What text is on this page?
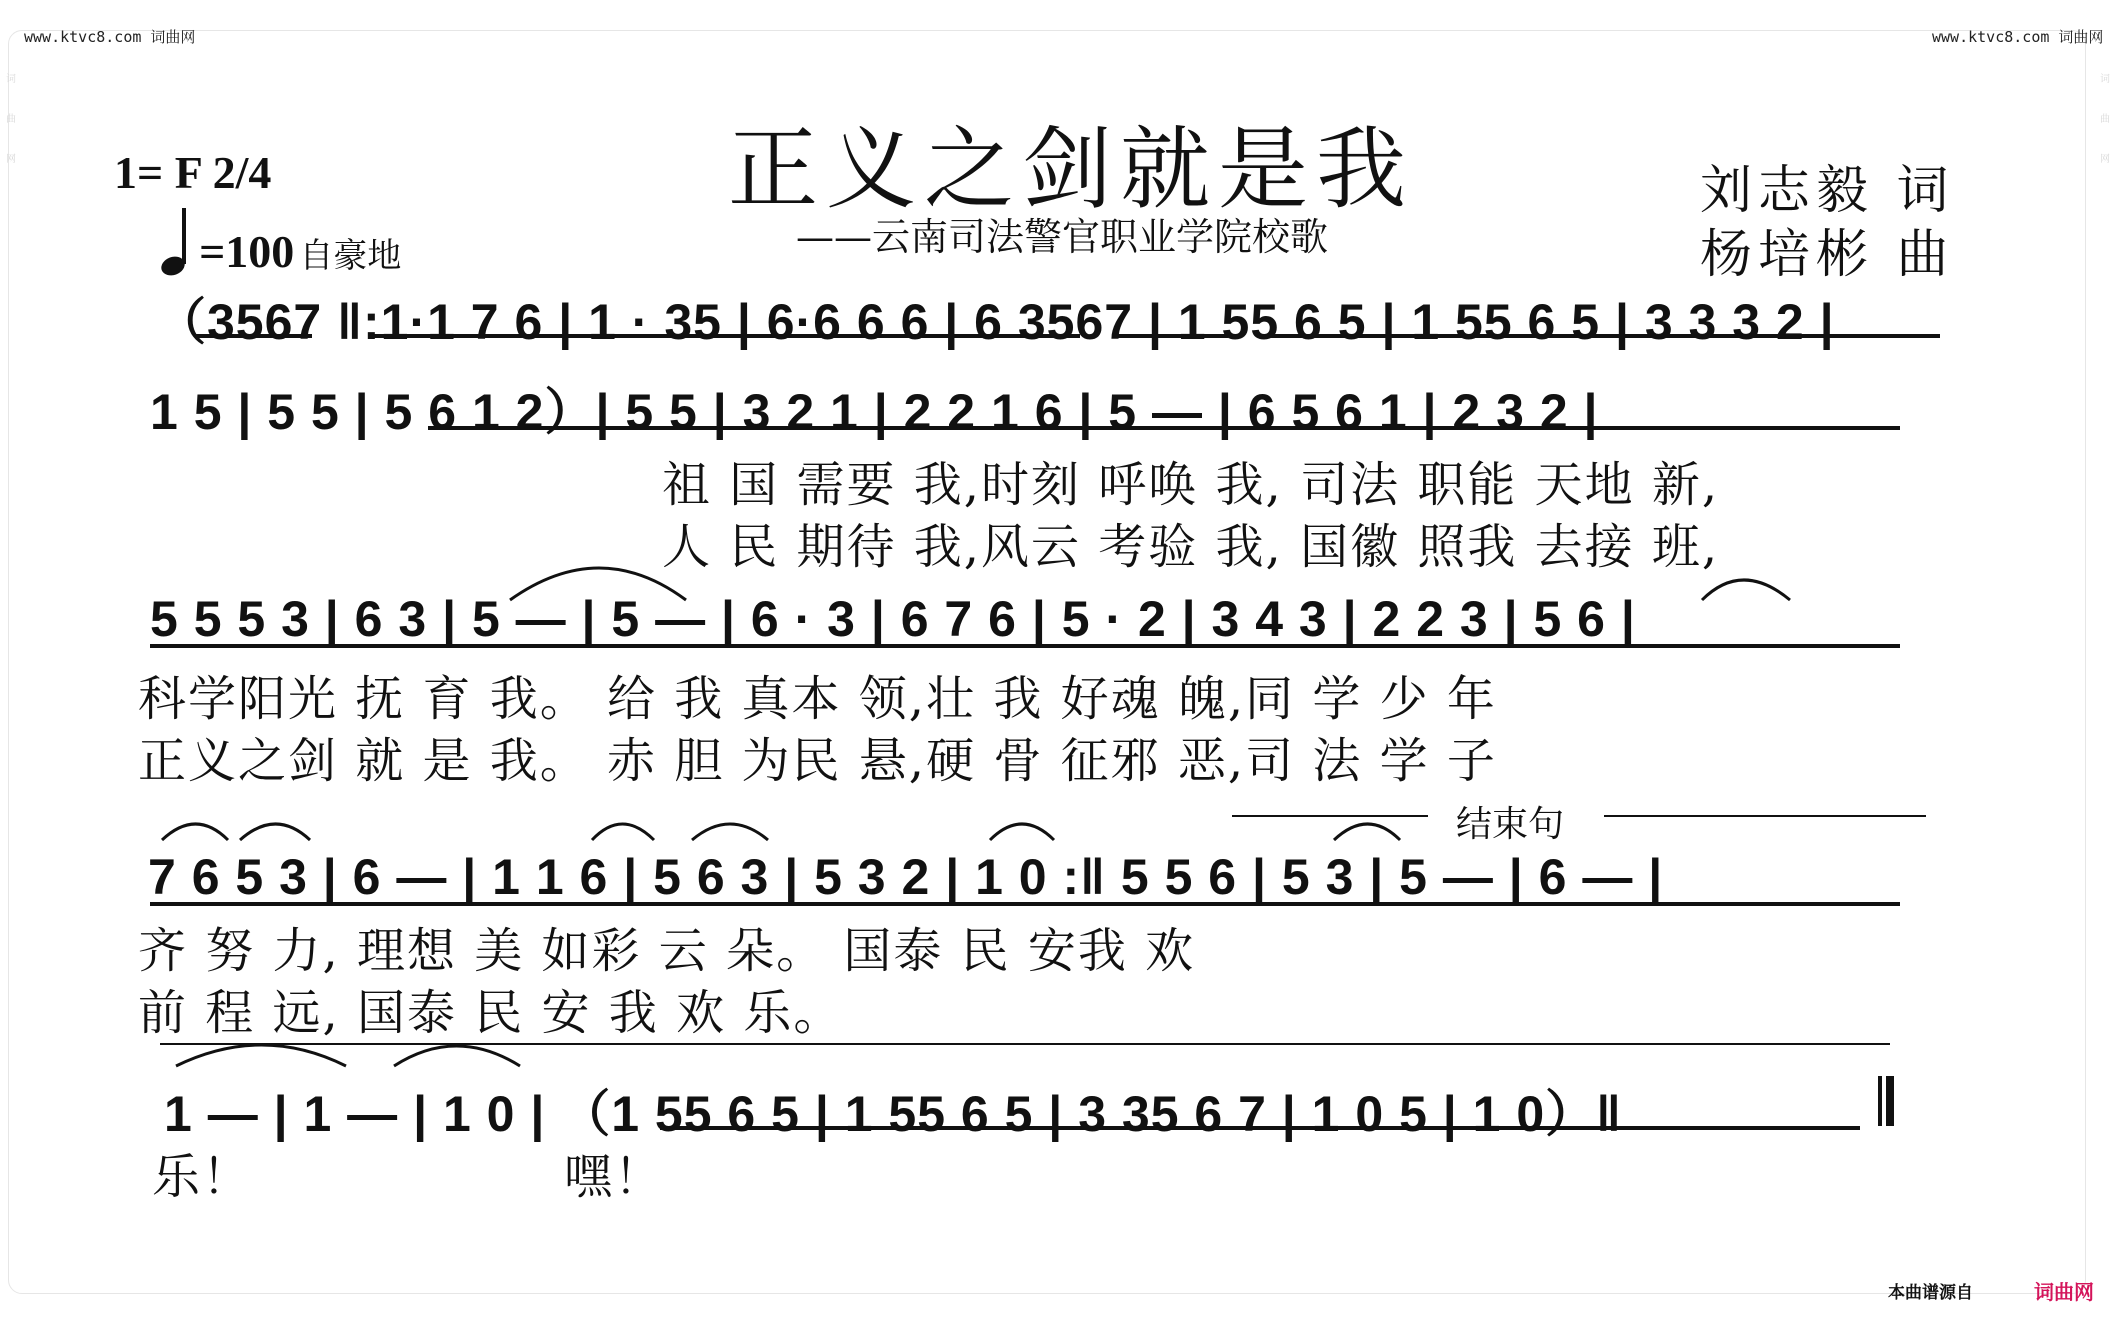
词曲网
词曲网
www.ktvc8.com 词曲网	www.ktvc8.com 词曲网
正义之剑就是我
——云南司法警官职业学院校歌
1= F 2/4
=100 自豪地
刘志毅 词
杨培彬 曲
（3567 ‖:1·1 7 6 | 1 · 35 | 6·6 6 6 | 6 3567 | 1 55 6 5 | 1 55 6 5 | 3 3 3 2 |
1 5 | 5 5 | 5 6 1 2）| 5 5 | 3 2 1 | 2 2 1 6 | 5 — | 6 5 6 1 | 2 3 2 |
祖 国 需要 我,时刻 呼唤 我, 司法 职能 天地 新,
人 民 期待 我,风云 考验 我, 国徽 照我 去接 班,
5 5 5 3 | 6 3 | 5 — | 5 — | 6 · 3 | 6 7 6 | 5 · 2 | 3 4 3 | 2 2 3 | 5 6 |
科学阳光 抚 育 我。 给 我 真本 领,壮 我 好魂 魄,同 学 少 年
正义之剑 就 是 我。 赤 胆 为民 悬,硬 骨 征邪 恶,司 法 学 子
结束句
7 6 5 3 | 6 — | 1 1 6 | 5 6 3 | 5 3 2 | 1 0 :‖ 5 5 6 | 5 3 | 5 — | 6 — |
齐 努 力, 理想 美 如彩 云 朵。 国泰 民 安我 欢
前 程 远, 国泰 民 安 我 欢 乐。
1 — | 1 — | 1 0 | （1 55 6 5 | 1 55 6 5 | 3 35 6 7 | 1 0 5 | 1 0）‖
乐！	嘿！
本曲谱源自	词曲网
